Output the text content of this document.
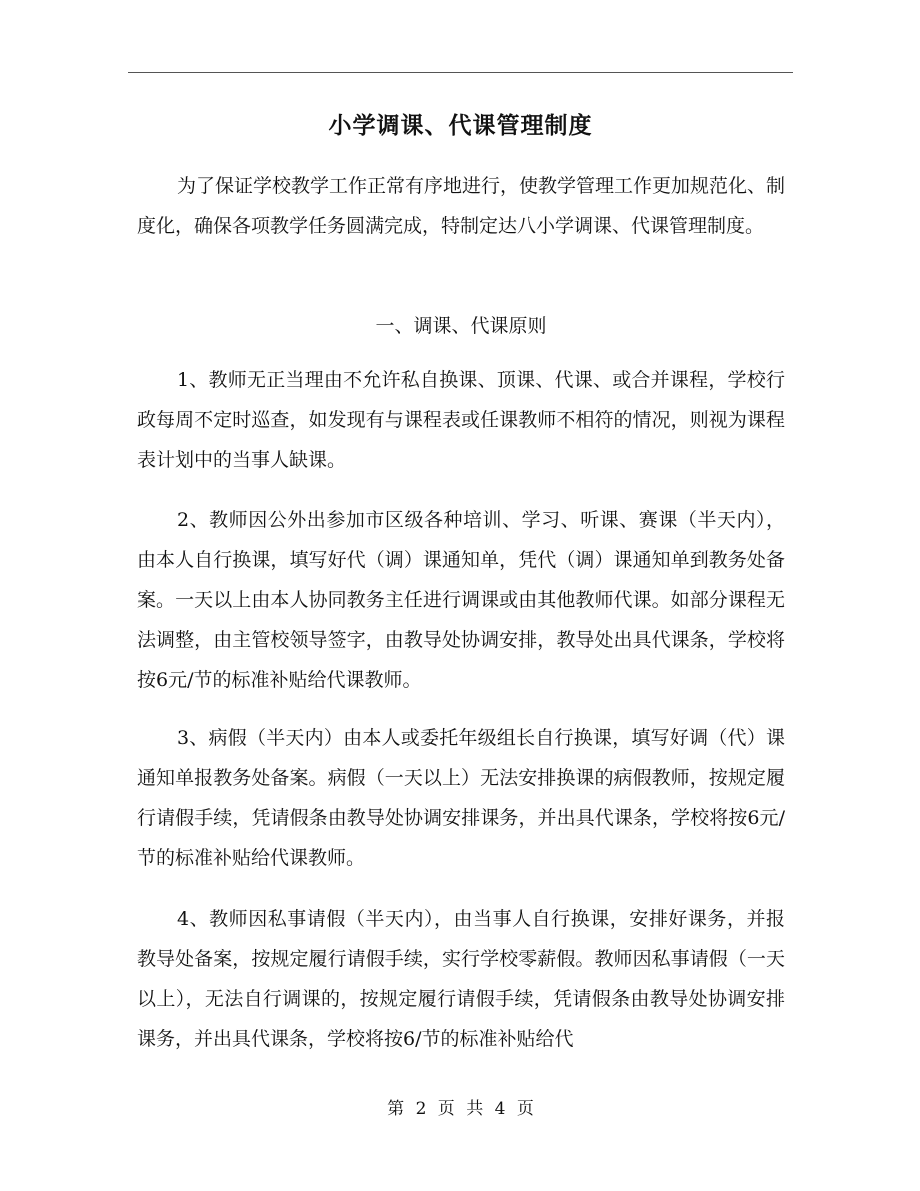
小学调课、代课管理制度

为了保证学校教学工作正常有序地进行，使教学管理工作更加规范化、制度化，确保各项教学任务圆满完成，特制定达八小学调课、代课管理制度。

一、调课、代课原则

1、教师无正当理由不允许私自换课、顶课、代课、或合并课程，学校行政每周不定时巡查，如发现有与课程表或任课教师不相符的情况，则视为课程表计划中的当事人缺课。

2、教师因公外出参加市区级各种培训、学习、听课、赛课（半天内），由本人自行换课，填写好代（调）课通知单，凭代（调）课通知单到教务处备案。一天以上由本人协同教务主任进行调课或由其他教师代课。如部分课程无法调整，由主管校领导签字，由教导处协调安排，教导处出具代课条，学校将按6元/节的标准补贴给代课教师。

3、病假（半天内）由本人或委托年级组长自行换课，填写好调（代）课通知单报教务处备案。病假（一天以上）无法安排换课的病假教师，按规定履行请假手续，凭请假条由教导处协调安排课务，并出具代课条，学校将按6元/节的标准补贴给代课教师。

4、教师因私事请假（半天内），由当事人自行换课，安排好课务，并报教导处备案，按规定履行请假手续，实行学校零薪假。教师因私事请假（一天以上），无法自行调课的，按规定履行请假手续，凭请假条由教导处协调安排课务，并出具代课条，学校将按6/节的标准补贴给代

第 2 页 共 4 页
